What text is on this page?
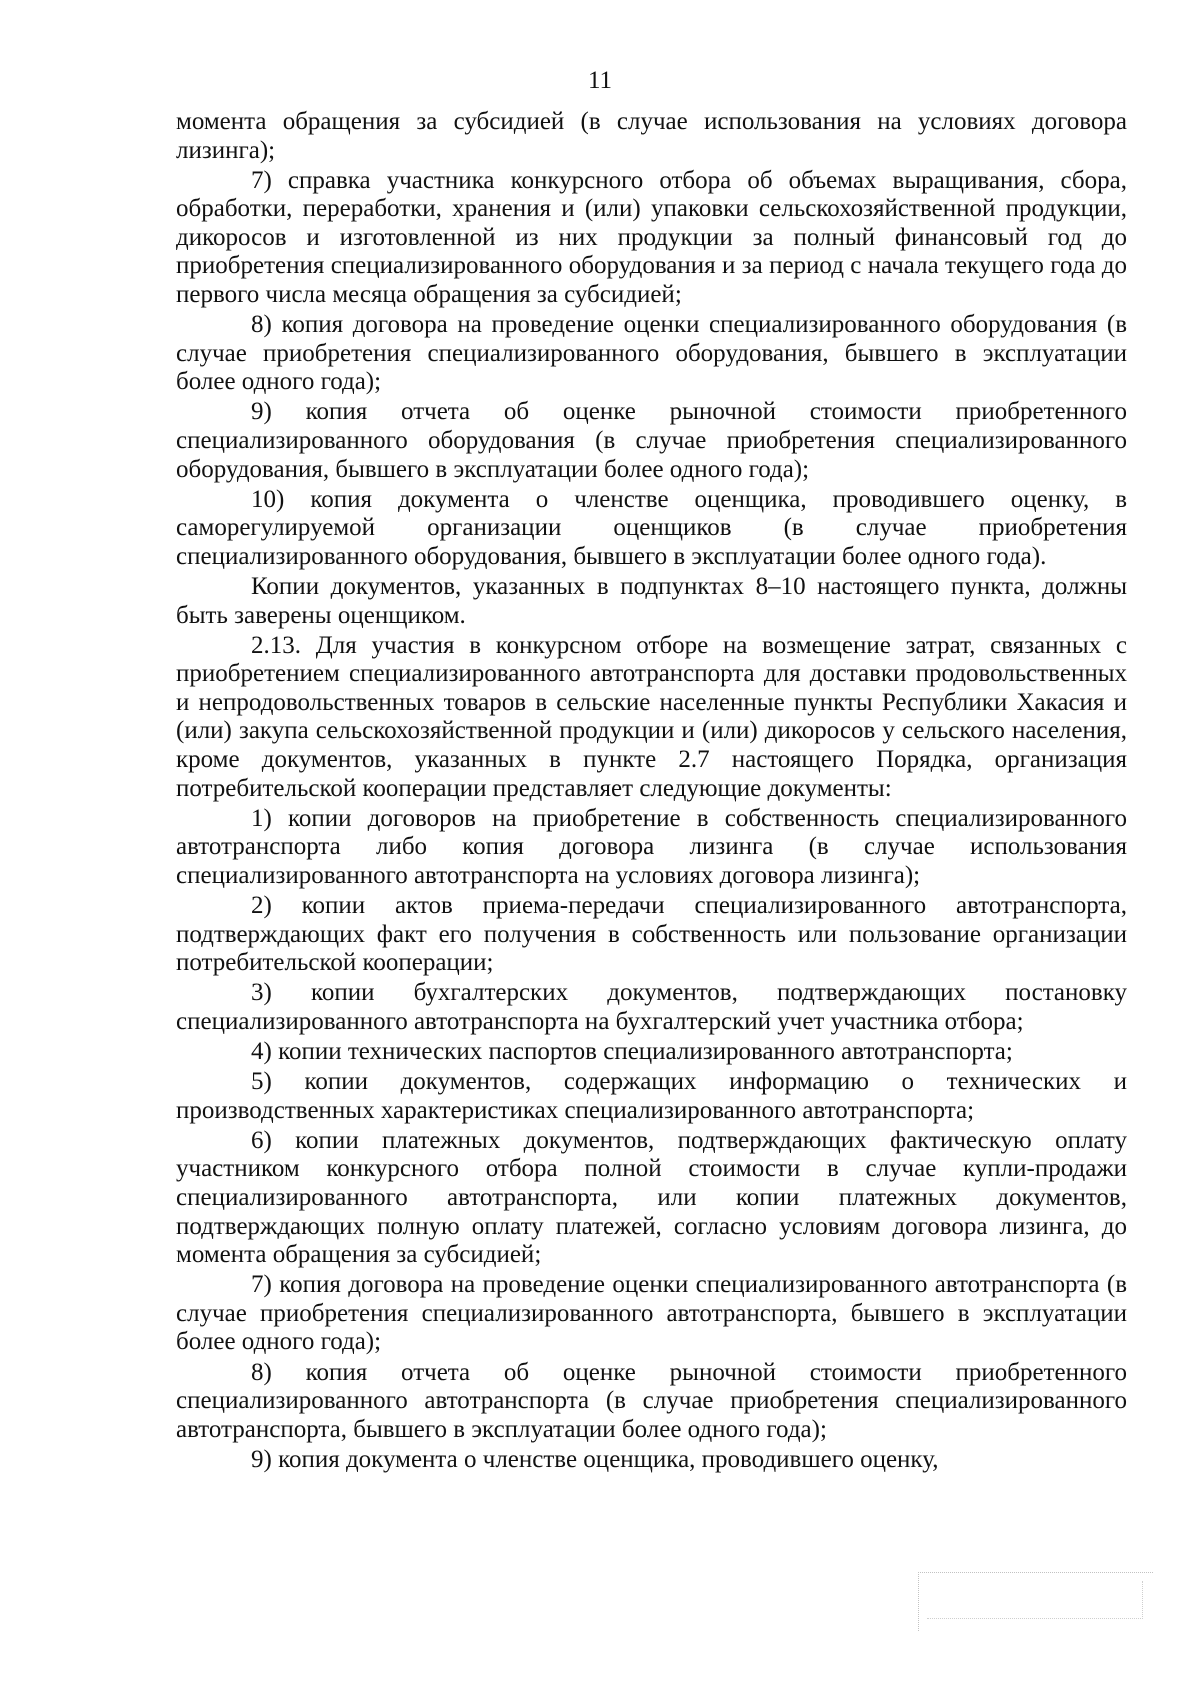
11

момента обращения за субсидией (в случае использования на условиях договора лизинга);

7) справка участника конкурсного отбора об объемах выращивания, сбора, обработки, переработки, хранения и (или) упаковки сельскохозяйственной продукции, дикоросов и изготовленной из них продукции за полный финансовый год до приобретения специализированного оборудования и за период с начала текущего года до первого числа месяца обращения за субсидией;

8) копия договора на проведение оценки специализированного оборудования (в случае приобретения специализированного оборудования, бывшего в эксплуатации более одного года);

9) копия отчета об оценке рыночной стоимости приобретенного специализированного оборудования (в случае приобретения специализированного оборудования, бывшего в эксплуатации более одного года);

10) копия документа о членстве оценщика, проводившего оценку, в саморегулируемой организации оценщиков (в случае приобретения специализированного оборудования, бывшего в эксплуатации более одного года).

Копии документов, указанных в подпунктах 8–10 настоящего пункта, должны быть заверены оценщиком.

2.13. Для участия в конкурсном отборе на возмещение затрат, связанных с приобретением специализированного автотранспорта для доставки продовольственных и непродовольственных товаров в сельские населенные пункты Республики Хакасия и (или) закупа сельскохозяйственной продукции и (или) дикоросов у сельского населения, кроме документов, указанных в пункте 2.7 настоящего Порядка, организация потребительской кооперации представляет следующие документы:

1) копии договоров на приобретение в собственность специализированного автотранспорта либо копия договора лизинга (в случае использования специализированного автотранспорта на условиях договора лизинга);

2) копии актов приема-передачи специализированного автотранспорта, подтверждающих факт его получения в собственность или пользование организации потребительской кооперации;

3) копии бухгалтерских документов, подтверждающих постановку специализированного автотранспорта на бухгалтерский учет участника отбора;

4) копии технических паспортов специализированного автотранспорта;

5) копии документов, содержащих информацию о технических и производственных характеристиках специализированного автотранспорта;

6) копии платежных документов, подтверждающих фактическую оплату участником конкурсного отбора полной стоимости в случае купли-продажи специализированного автотранспорта, или копии платежных документов, подтверждающих полную оплату платежей, согласно условиям договора лизинга, до момента обращения за субсидией;

7) копия договора на проведение оценки специализированного автотранспорта (в случае приобретения специализированного автотранспорта, бывшего в эксплуатации более одного года);

8) копия отчета об оценке рыночной стоимости приобретенного специализированного автотранспорта (в случае приобретения специализированного автотранспорта, бывшего в эксплуатации более одного года);

9) копия документа о членстве оценщика, проводившего оценку,
